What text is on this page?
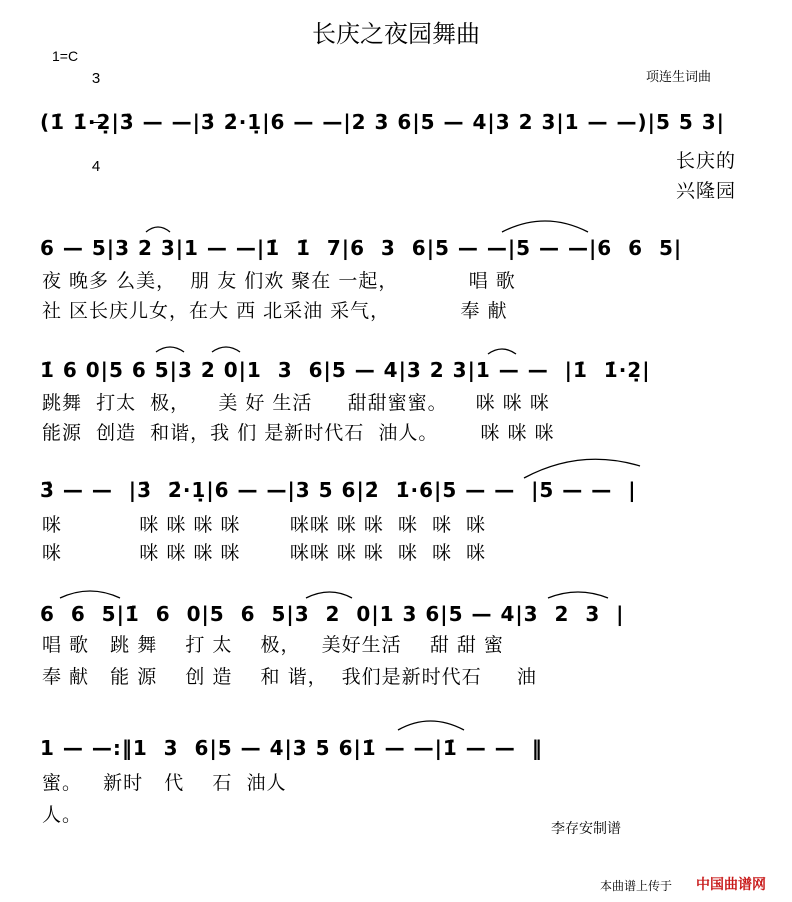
长庆之夜园舞曲
1=C

3

4

项连生词曲
(1̇ 1̇·2̣|3̇ — —|3̇ 2̇·1̣|6 — —|2 3 6|5 — 4|3 2 3|1 — —)|5 5 3|
长庆的
兴隆园
6 — 5|3 2 3|1 — —|1̇  1̇  7|6  3  6|5 — —|5 — —|6  6  5|
夜 晚多 么美，  朋 友 们欢 聚在 一起，          唱 歌
社 区长庆儿女，在大 西 北采油 采气，          奉 献
1̇ 6 0|5 6 5|3 2 0|1  3  6|5 — 4|3 2 3|1 — —  |1̇  1̇·2̣|
跳舞  打太  极，    美 好 生活     甜甜蜜蜜。    咪 咪 咪
能源  创造  和谐，我 们 是新时代石  油人。      咪 咪 咪
3̇ — —  |3̇  2̇·1̣|6 — —|3 5 6|2̇  1̇·6|5 — —  |5 — —  |
咪           咪 咪 咪 咪       咪咪 咪 咪  咪  咪  咪
咪           咪 咪 咪 咪       咪咪 咪 咪  咪  咪  咪
6  6  5|1̇  6  0|5  6  5|3  2  0|1 3 6|5 — 4|3  2  3  |
唱 歌   跳 舞    打 太    极，   美好生活    甜 甜 蜜
奉 献   能 源    创 造    和 谐，  我们是新时代石     油
1 — —:‖1  3  6|5 — 4|3 5 6|1̇ — —|1̇ — —  ‖
蜜。   新时   代    石  油人
人。
李存安制谱
本曲谱上传于 中国曲谱网
